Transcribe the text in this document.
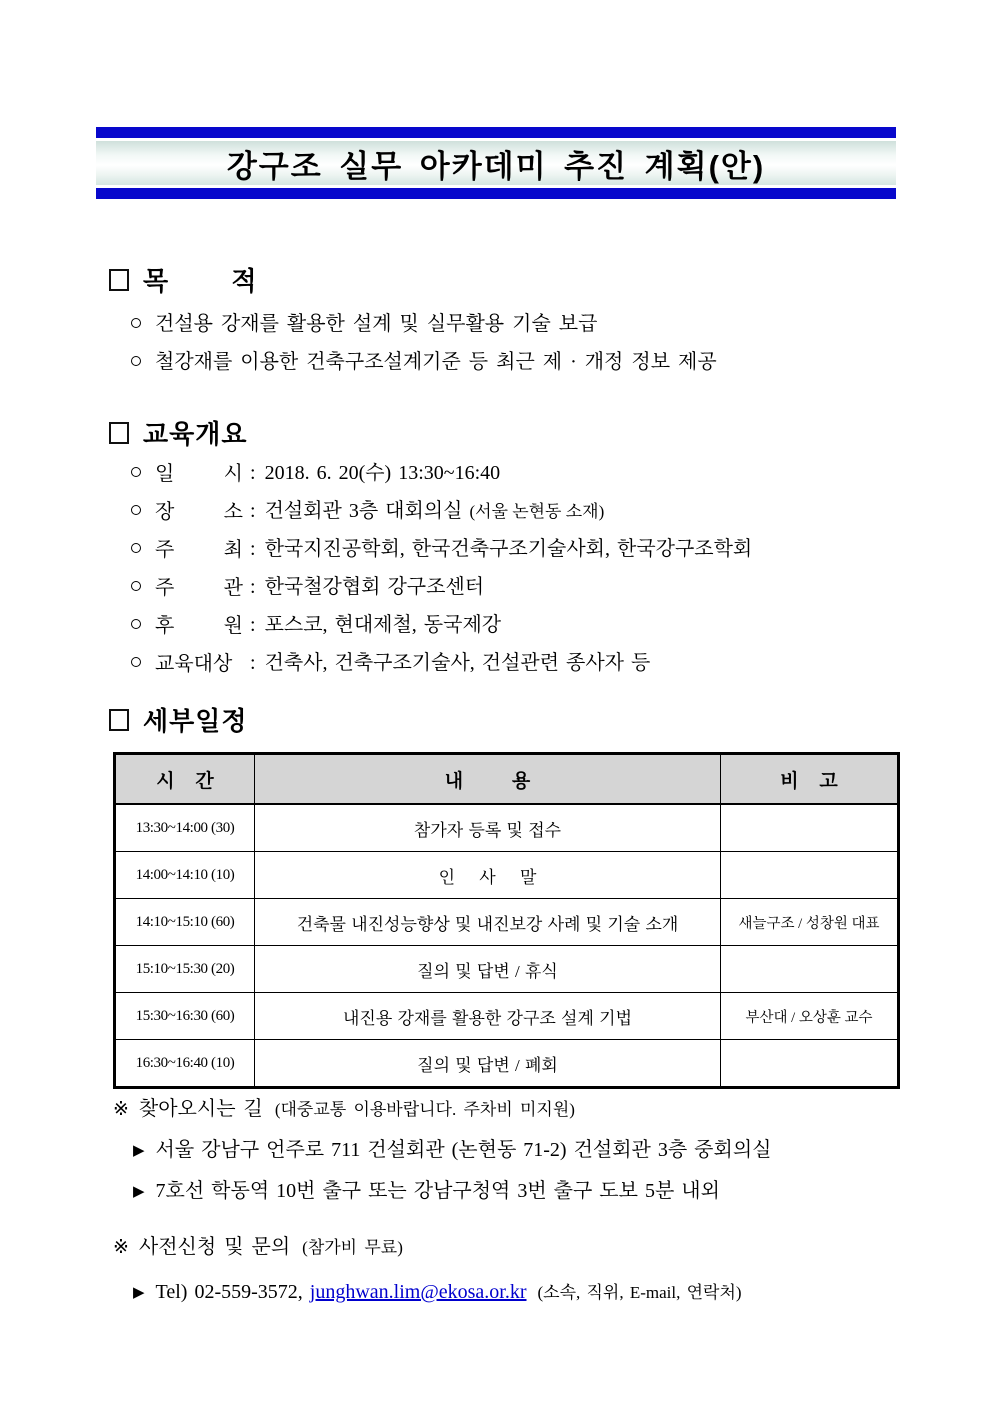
강구조 실무 아카데미 추진 계획(안)
목 적
건설용 강재를 활용한 설계 및 실무활용 기술 보급
철강재를 이용한 건축구조설계기준 등 최근 제 · 개정 정보 제공
교육개요
일 시 : 2018. 6. 20(수) 13:30~16:40
장 소 : 건설회관 3층 대회의실 (서울 논현동 소재)
주 최 : 한국지진공학회, 한국건축구조기술사회, 한국강구조학회
주 관 : 한국철강협회 강구조센터
후 원 : 포스코, 현대제철, 동국제강
교육대상 : 건축사, 건축구조기술사, 건설관련 종사자 등
세부일정
시 간	내 용	비 고
13:30~14:00 (30)	참가자 등록 및 접수	
14:00~14:10 (10)	인 사 말	
14:10~15:10 (60)	건축물 내진성능향상 및 내진보강 사례 및 기술 소개	새늘구조 / 성창원 대표
15:10~15:30 (20)	질의 및 답변 / 휴식	
15:30~16:30 (60)	내진용 강재를 활용한 강구조 설계 기법	부산대 / 오상훈 교수
16:30~16:40 (10)	질의 및 답변 / 폐회	
※ 찾아오시는 길 (대중교통 이용바랍니다. 주차비 미지원)
▶ 서울 강남구 언주로 711 건설회관 (논현동 71-2) 건설회관 3층 중회의실
▶ 7호선 학동역 10번 출구 또는 강남구청역 3번 출구 도보 5분 내외
※ 사전신청 및 문의 (참가비 무료)
▶ Tel) 02-559-3572, junghwan.lim@ekosa.or.kr (소속, 직위, E-mail, 연락처)
